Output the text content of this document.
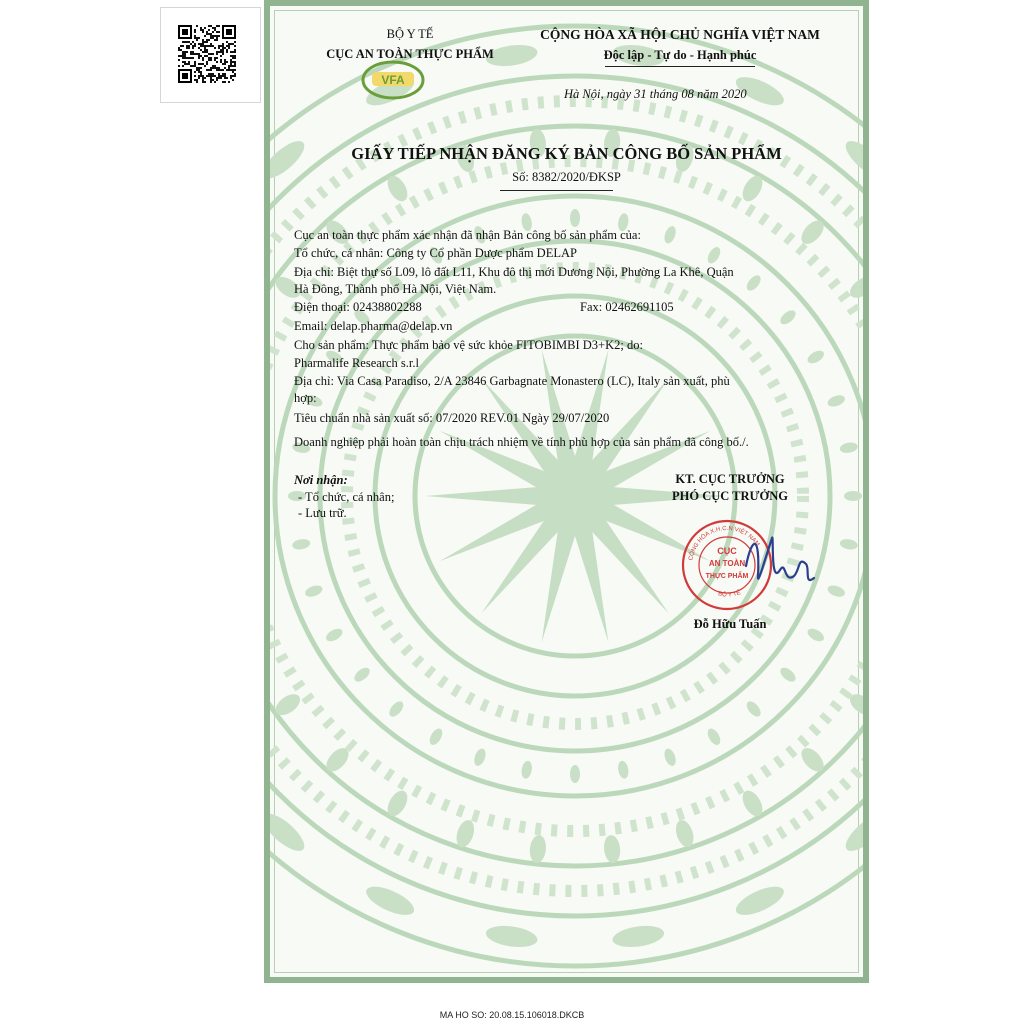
BỘ Y TẾ
CỤC AN TOÀN THỰC PHẨM
VFA
CỘNG HÒA XÃ HỘI CHỦ NGHĨA VIỆT NAM
Độc lập - Tự do - Hạnh phúc
Hà Nội, ngày 31 tháng 08 năm 2020
GIẤY TIẾP NHẬN ĐĂNG KÝ BẢN CÔNG BỐ SẢN PHẨM
Số: 8382/2020/ĐKSP
Cục an toàn thực phẩm xác nhận đã nhận Bản công bố sản phẩm của:
Tổ chức, cá nhân: Công ty Cổ phần Dược phẩm DELAP
Địa chỉ: Biệt thự số L09, lô đất L11, Khu đô thị mới Dương Nội, Phường La Khê, Quận
Hà Đông, Thành phố Hà Nội, Việt Nam.
Điện thoại: 02438802288	Fax: 02462691105
Email: delap.pharma@delap.vn
Cho sản phẩm: Thực phẩm bảo vệ sức khỏe FITOBIMBI D3+K2; do:
Pharmalife Research s.r.l
Địa chỉ: Via Casa Paradiso, 2/A 23846 Garbagnate Monastero (LC), Italy sản xuất, phù
hợp:
Tiêu chuẩn nhà sản xuất số: 07/2020 REV.01 Ngày 29/07/2020
Doanh nghiệp phải hoàn toàn chịu trách nhiệm về tính phù hợp của sản phẩm đã công bố./.
Nơi nhận:
- Tổ chức, cá nhân;
- Lưu trữ.
KT. CỤC TRƯỞNG
PHÓ CỤC TRƯỞNG
CỘNG HÒA X.H.C.N VIỆT NAM
BỘ Y TẾ
CỤC
AN TOÀN
THỰC PHẨM
Đỗ Hữu Tuấn
MA HO SO: 20.08.15.106018.DKCB
